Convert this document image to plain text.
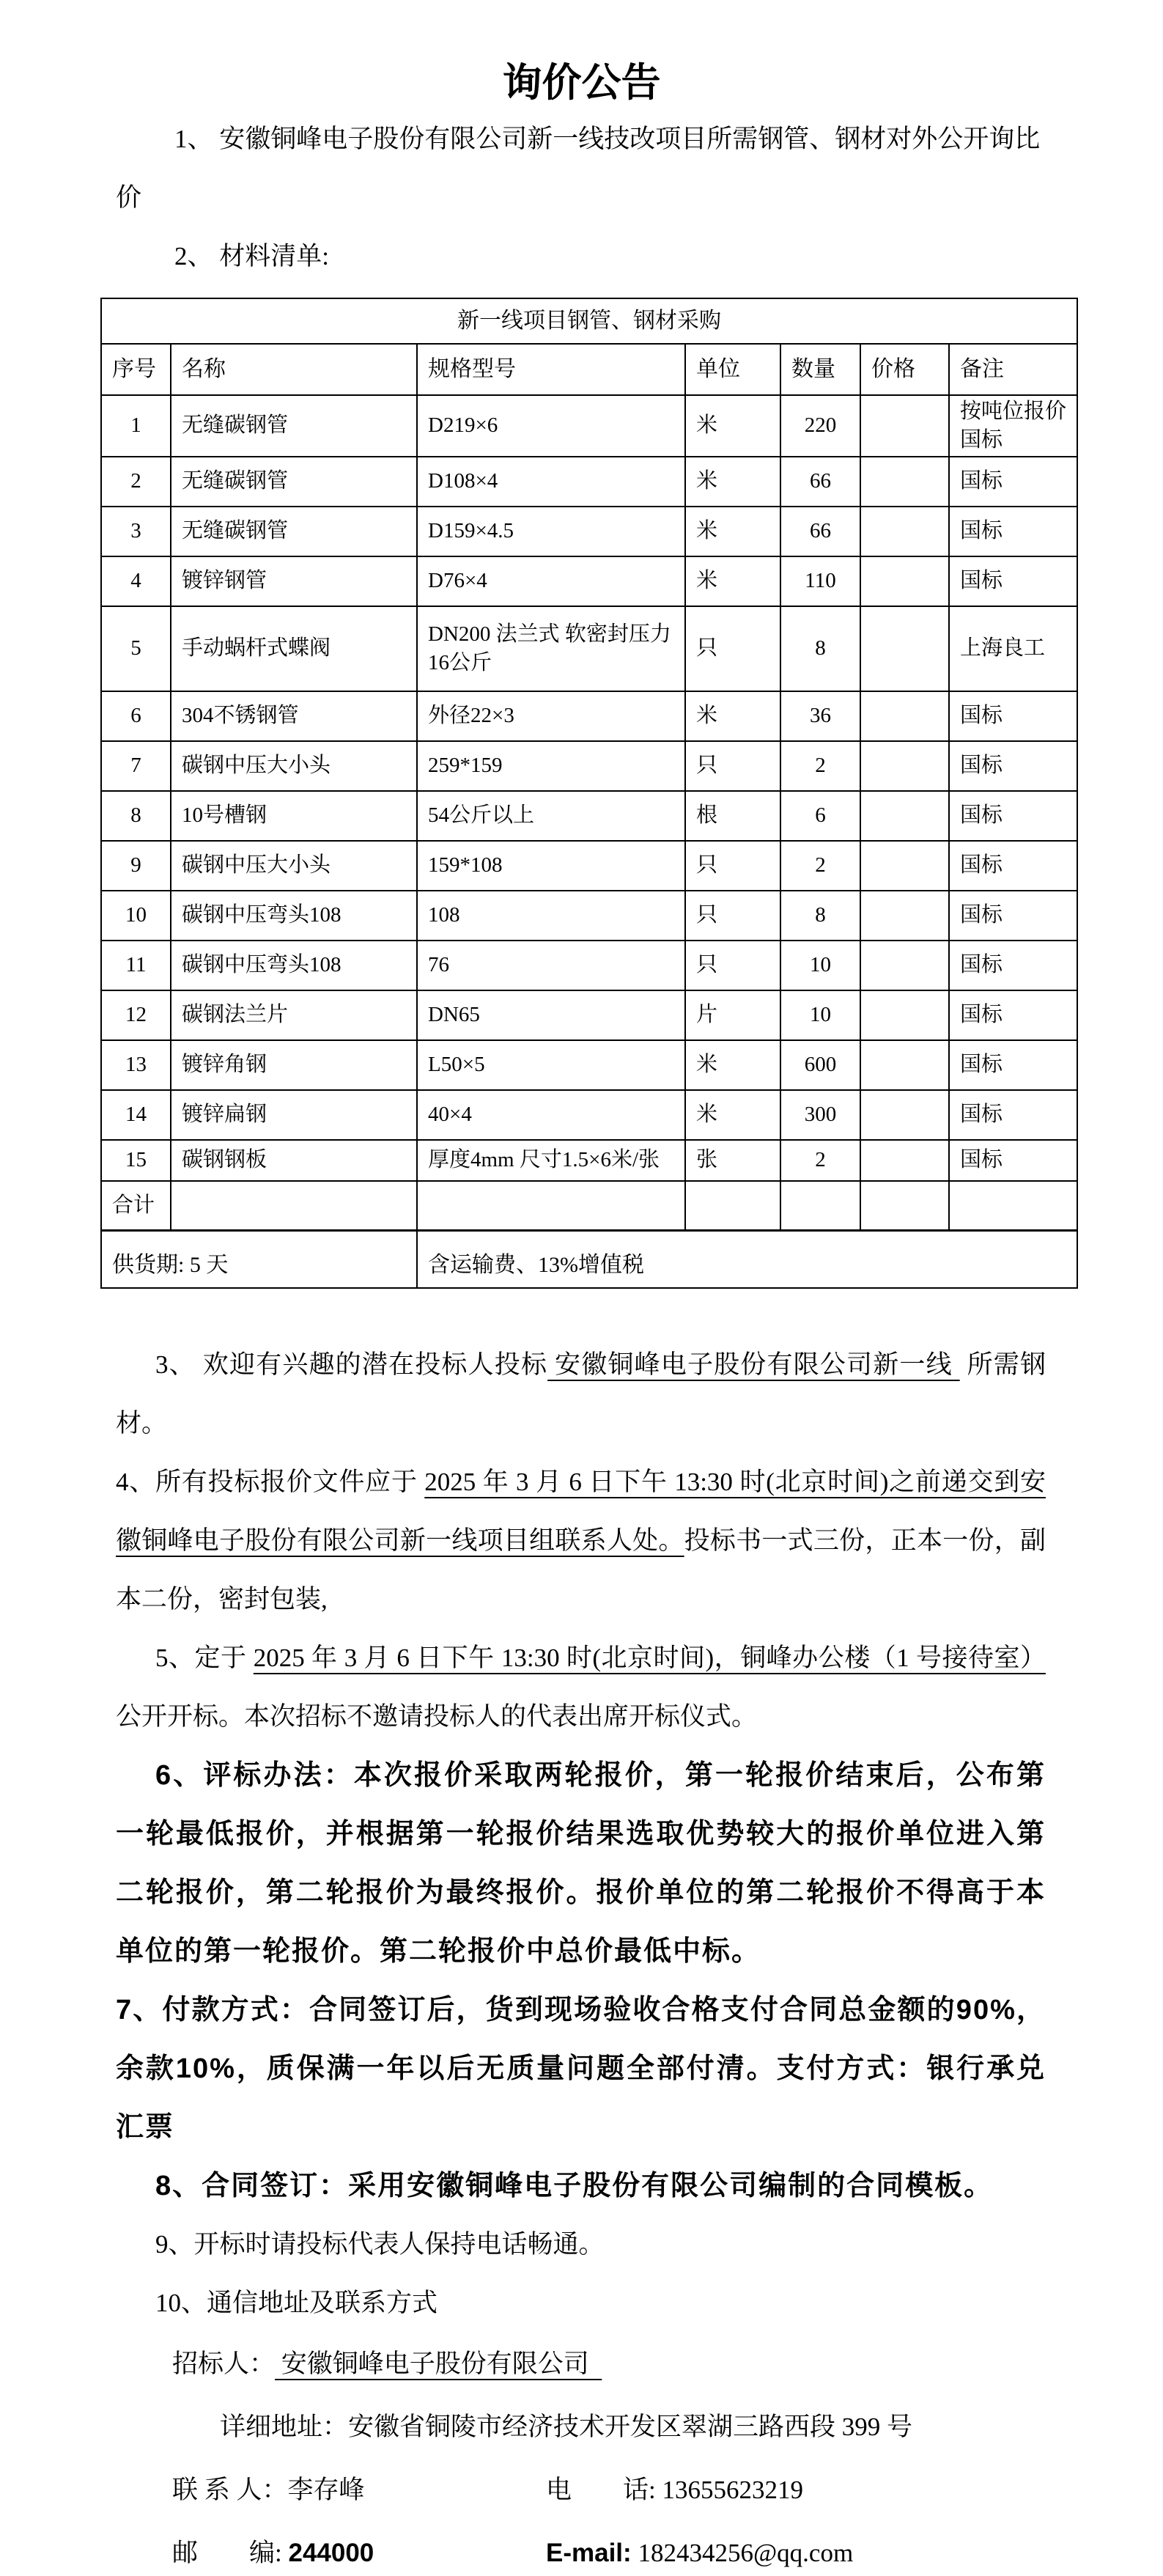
询价公告

1、 安徽铜峰电子股份有限公司新一线技改项目所需钢管、钢材对外公开询比价

2、 材料清单:

新一线项目钢管、钢材采购						
序号	名称	规格型号	单位	数量	价格	备注
1	无缝碳钢管	D219×6	米	220		按吨位报价 国标
2	无缝碳钢管	D108×4	米	66		国标
3	无缝碳钢管	D159×4.5	米	66		国标
4	镀锌钢管	D76×4	米	110		国标
5	手动蜗杆式蝶阀	DN200 法兰式 软密封压力16公斤	只	8		上海良工
6	304不锈钢管	外径22×3	米	36		国标
7	碳钢中压大小头	259*159	只	2		国标
8	10号槽钢	54公斤以上	根	6		国标
9	碳钢中压大小头	159*108	只	2		国标
10	碳钢中压弯头108	108	只	8		国标
11	碳钢中压弯头108	76	只	10		国标
12	碳钢法兰片	DN65	片	10		国标
13	镀锌角钢	L50×5	米	600		国标
14	镀锌扁钢	40×4	米	300		国标
15	碳钢钢板	厚度4mm 尺寸1.5×6米/张	张	2		国标
合计						
供货期: 5 天		含运输费、13%增值税				

3、 欢迎有兴趣的潜在投标人投标 安徽铜峰电子股份有限公司新一线  所需钢材。

4、所有投标报价文件应于 2025 年 3 月 6 日下午 13:30 时(北京时间)之前递交到安徽铜峰电子股份有限公司新一线项目组联系人处。投标书一式三份，正本一份，副本二份，密封包装,

5、定于 2025 年 3 月 6 日下午 13:30 时(北京时间)，铜峰办公楼（1 号接待室）公开开标。本次招标不邀请投标人的代表出席开标仪式。

6、评标办法：本次报价采取两轮报价，第一轮报价结束后，公布第一轮最低报价，并根据第一轮报价结果选取优势较大的报价单位进入第二轮报价，第二轮报价为最终报价。报价单位的第二轮报价不得高于本单位的第一轮报价。第二轮报价中总价最低中标。

7、付款方式：合同签订后，货到现场验收合格支付合同总金额的90%，余款10%，质保满一年以后无质量问题全部付清。支付方式：银行承兑汇票

8、合同签订：采用安徽铜峰电子股份有限公司编制的合同模板。

9、开标时请投标代表人保持电话畅通。

10、通信地址及联系方式

招标人： 安徽铜峰电子股份有限公司

详细地址：安徽省铜陵市经济技术开发区翠湖三路西段 399 号

联 系 人：李存峰	电　　话: 13655623219

邮　　编: 244000	E-mail: 182434256@qq.com
